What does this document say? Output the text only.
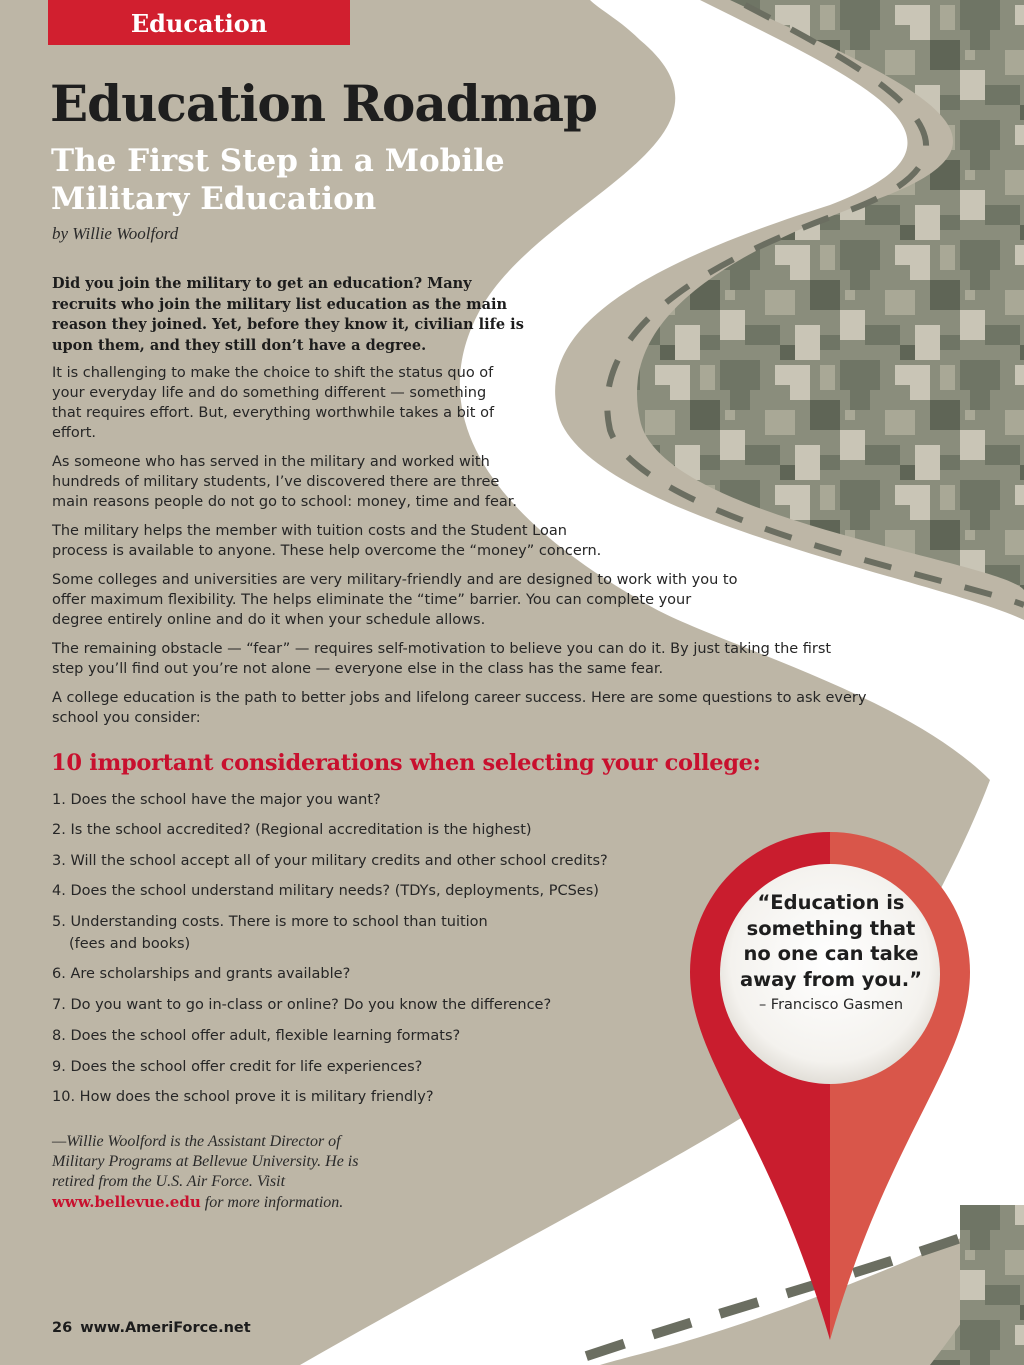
Education
Education Roadmap
The First Step in a Mobile Military Education
by Willie Woolford

Did you join the military to get an education? Many recruits who join the military list education as the main reason they joined. Yet, before they know it, civilian life is upon them, and they still don’t have a degree.

It is challenging to make the choice to shift the status quo of your everyday life and do something different — something that requires effort. But, everything worthwhile takes a bit of effort.

As someone who has served in the military and worked with hundreds of military students, I’ve discovered there are three main reasons people do not go to school: money, time and fear.

The military helps the member with tuition costs and the Student Loan process is available to anyone. These help overcome the “money” concern.

Some colleges and universities are very military-friendly and are designed to work with you to offer maximum flexibility. The helps eliminate the “time” barrier. You can complete your degree entirely online and do it when your schedule allows.

The remaining obstacle — “fear” — requires self-motivation to believe you can do it. By just taking the first step you’ll find out you’re not alone — everyone else in the class has the same fear.

A college education is the path to better jobs and lifelong career success. Here are some questions to ask every school you consider:

10 important considerations when selecting your college:

1. Does the school have the major you want?

2. Is the school accredited? (Regional accreditation is the highest)

3. Will the school accept all of your military credits and other school credits?

4. Does the school understand military needs? (TDYs, deployments, PCSes)

5. Understanding costs. There is more to school than tuition

(fees and books)

6. Are scholarships and grants available?

7. Do you want to go in-class or online? Do you know the difference?

8. Does the school offer adult, flexible learning formats?

9. Does the school offer credit for life experiences?

10. How does the school prove it is military friendly?

—Willie Woolford is the Assistant Director of Military Programs at Bellevue University. He is retired from the U.S. Air Force. Visit www.bellevue.edu for more information.

“Education is something that no one can take away from you.”

– Francisco Gasmen
26 www.AmeriForce.net
